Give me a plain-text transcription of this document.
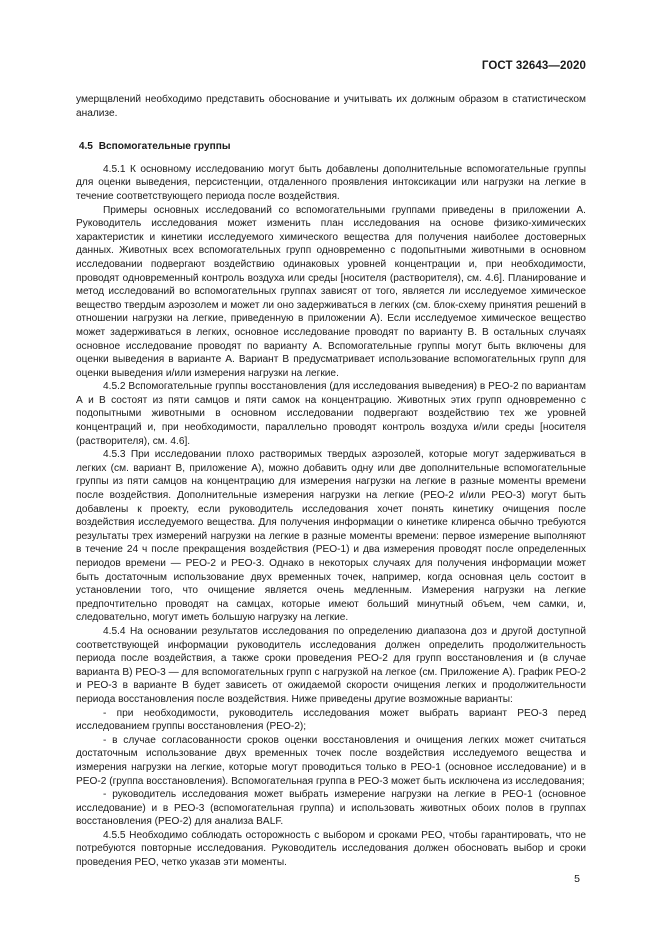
ГОСТ 32643—2020

умерщвлений необходимо представить обоснование и учитывать их должным образом в статистическом анализе.

4.5 Вспомогательные группы

4.5.1 К основному исследованию могут быть добавлены дополнительные вспомогательные группы для оценки выведения, персистенции, отдаленного проявления интоксикации или нагрузки на легкие в течение соответствующего периода после воздействия.

Примеры основных исследований со вспомогательными группами приведены в приложении А. Руководитель исследования может изменить план исследования на основе физико-химических характеристик и кинетики исследуемого химического вещества для получения наиболее достоверных данных. Животных всех вспомогательных групп одновременно с подопытными животными в основном исследовании подвергают воздействию одинаковых уровней концентрации и, при необходимости, проводят одновременный контроль воздуха или среды [носителя (растворителя), см. 4.6]. Планирование и метод исследований во вспомогательных группах зависят от того, является ли исследуемое химическое вещество твердым аэрозолем и может ли оно задерживаться в легких (см. блок-схему принятия решений в отношении нагрузки на легкие, приведенную в приложении А). Если исследуемое химическое вещество может задерживаться в легких, основное исследование проводят по варианту В. В остальных случаях основное исследование проводят по варианту А. Вспомогательные группы могут быть включены для оценки выведения в варианте А. Вариант В предусматривает использование вспомогательных групп для оценки выведения и/или измерения нагрузки на легкие.

4.5.2 Вспомогательные группы восстановления (для исследования выведения) в РЕО-2 по вариантам А и В состоят из пяти самцов и пяти самок на концентрацию. Животных этих групп одновременно с подопытными животными в основном исследовании подвергают воздействию тех же уровней концентраций и, при необходимости, параллельно проводят контроль воздуха и/или среды [носителя (растворителя), см. 4.6].

4.5.3 При исследовании плохо растворимых твердых аэрозолей, которые могут задерживаться в легких (см. вариант В, приложение А), можно добавить одну или две дополнительные вспомогательные группы из пяти самцов на концентрацию для измерения нагрузки на легкие в разные моменты времени после воздействия. Дополнительные измерения нагрузки на легкие (РЕО-2 и/или РЕО-3) могут быть добавлены к проекту, если руководитель исследования хочет понять кинетику очищения после воздействия исследуемого вещества. Для получения информации о кинетике клиренса обычно требуются результаты трех измерений нагрузки на легкие в разные моменты времени: первое измерение выполняют в течение 24 ч после прекращения воздействия (РЕО-1) и два измерения проводят после определенных периодов времени — РЕО-2 и РЕО-3. Однако в некоторых случаях для получения информации может быть достаточным использование двух временных точек, например, когда основная цель состоит в установлении того, что очищение является очень медленным. Измерения нагрузки на легкие предпочтительно проводят на самцах, которые имеют больший минутный объем, чем самки, и, следовательно, могут иметь большую нагрузку на легкие.

4.5.4 На основании результатов исследования по определению диапазона доз и другой доступной соответствующей информации руководитель исследования должен определить продолжительность периода после воздействия, а также сроки проведения РЕО-2 для групп восстановления и (в случае варианта В) РЕО-3 — для вспомогательных групп с нагрузкой на легкое (см. Приложение А). График РЕО-2 и РЕО-3 в варианте В будет зависеть от ожидаемой скорости очищения легких и продолжительности периода восстановления после воздействия. Ниже приведены другие возможные варианты:

- при необходимости, руководитель исследования может выбрать вариант РЕО-3 перед исследованием группы восстановления (РЕО-2);

- в случае согласованности сроков оценки восстановления и очищения легких может считаться достаточным использование двух временных точек после воздействия исследуемого вещества и измерения нагрузки на легкие, которые могут проводиться только в РЕО-1 (основное исследование) и в РЕО-2 (группа восстановления). Вспомогательная группа в РЕО-3 может быть исключена из исследования;

- руководитель исследования может выбрать измерение нагрузки на легкие в РЕО-1 (основное исследование) и в РЕО-3 (вспомогательная группа) и использовать животных обоих полов в группах восстановления (РЕО-2) для анализа BALF.

4.5.5 Необходимо соблюдать осторожность с выбором и сроками РЕО, чтобы гарантировать, что не потребуются повторные исследования. Руководитель исследования должен обосновать выбор и сроки проведения РЕО, четко указав эти моменты.

5
